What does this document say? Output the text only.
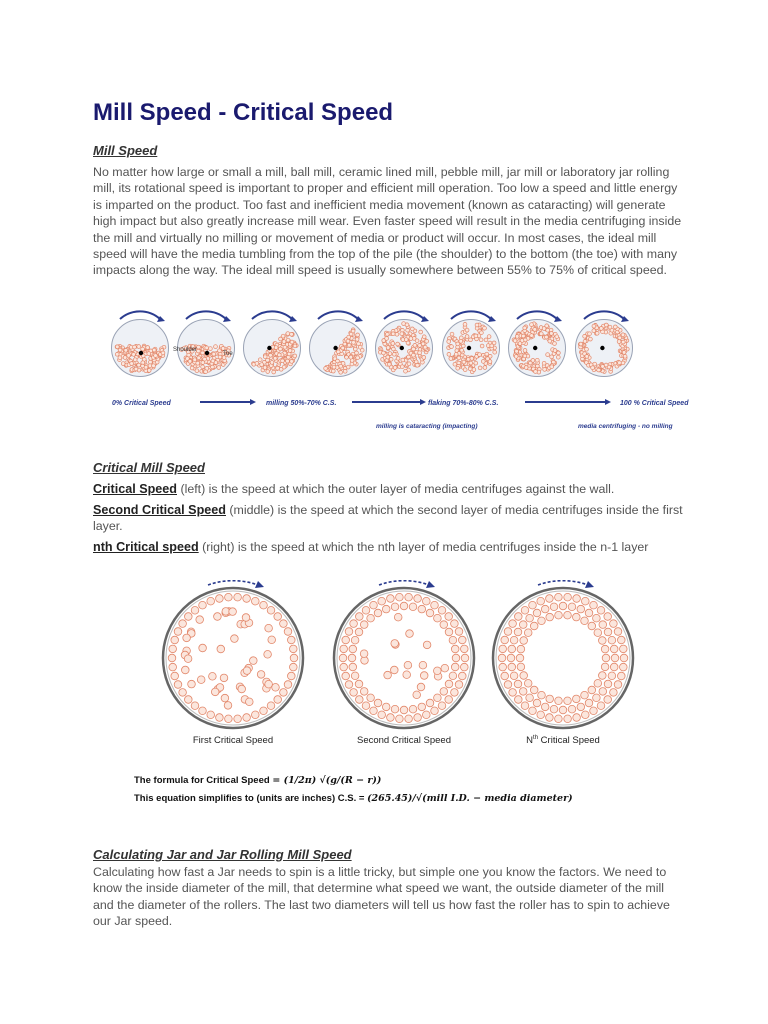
Mill Speed - Critical Speed

Mill Speed

No matter how large or small a mill, ball mill, ceramic lined mill, pebble mill, jar mill or laboratory jar rolling mill, its rotational speed is important to proper and efficient mill operation. Too low a speed and little energy is imparted on the product. Too fast and inefficient media movement (known as cataracting) will generate high impact but also greatly increase mill wear. Even faster speed will result in the media centrifuging inside the mill and virtually no milling or movement of media or product will occur. In most cases, the ideal mill speed will have the media tumbling from the top of the pile (the shoulder) to the bottom (the toe) with many impacts along the way. The ideal mill speed is usually somewhere between 55% to 75% of critical speed.

Shoulder
Toe
0% Critical Speed	milling 50%-70% C.S.	flaking 70%-80% C.S.	100 % Critical Speed
milling is cataracting (impacting)	media centrifuging - no milling

Critical Mill Speed

Critical Speed (left) is the speed at which the outer layer of media centrifuges against the wall.

Second Critical Speed (middle) is the speed at which the second layer of media centrifuges inside the first layer.

nth Critical speed (right) is the speed at which the nth layer of media centrifuges inside the n-1 layer

First Critical Speed	Second Critical Speed	$N^{th}$ Critical Speed
The formula for Critical Speed = (1/2π) √(g/(R − r))
This equation simplifies to (units are inches) C.S. = (265.45)/√(mill I.D. − media diameter)

Calculating Jar and Jar Rolling Mill Speed

Calculating how fast a Jar needs to spin is a little tricky, but simple one you know the factors. We need to know the inside diameter of the mill, that determine what speed we want, the outside diameter of the mill and the diameter of the rollers. The last two diameters will tell us how fast the roller has to spin to achieve our Jar speed.
